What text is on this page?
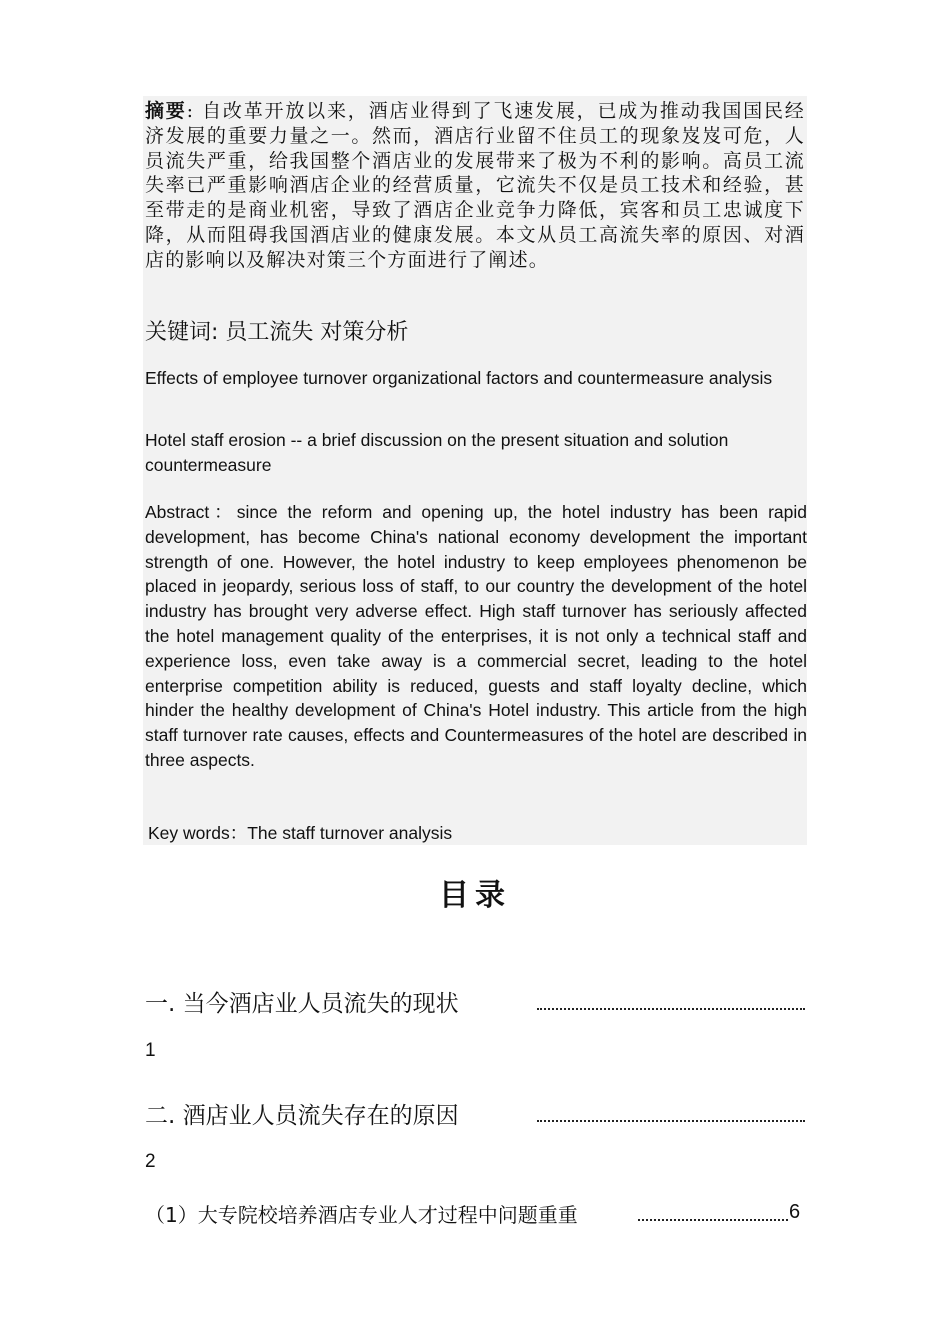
摘要: 自改革开放以来，酒店业得到了飞速发展，已成为推动我国国民经济发展的重要力量之一。然而，酒店行业留不住员工的现象岌岌可危，人员流失严重，给我国整个酒店业的发展带来了极为不利的影响。高员工流失率已严重影响酒店企业的经营质量，它流失不仅是员工技术和经验，甚至带走的是商业机密，导致了酒店企业竞争力降低，宾客和员工忠诚度下降，从而阻碍我国酒店业的健康发展。本文从员工高流失率的原因、对酒店的影响以及解决对策三个方面进行了阐述。

关键词: 员工流失 对策分析

Effects of employee turnover organizational factors and countermeasure analysis

Hotel staff erosion -- a brief discussion on the present situation and solution countermeasure

Abstract：since the reform and opening up, the hotel industry has been rapid development, has become China's national economy development the important strength of one. However, the hotel industry to keep employees phenomenon be placed in jeopardy, serious loss of staff, to our country the development of the hotel industry has brought very adverse effect. High staff turnover has seriously affected the hotel management quality of the enterprises, it is not only a technical staff and experience loss, even take away is a commercial secret, leading to the hotel enterprise competition ability is reduced, guests and staff loyalty decline, which hinder the healthy development of China's Hotel industry. This article from the high staff turnover rate causes, effects and Countermeasures of the hotel are described in three aspects.

Key words：The staff turnover analysis

目录
一. 当今酒店业人员流失的现状
1
二. 酒店业人员流失存在的原因
2
（1）大专院校培养酒店专业人才过程中问题重重	6
